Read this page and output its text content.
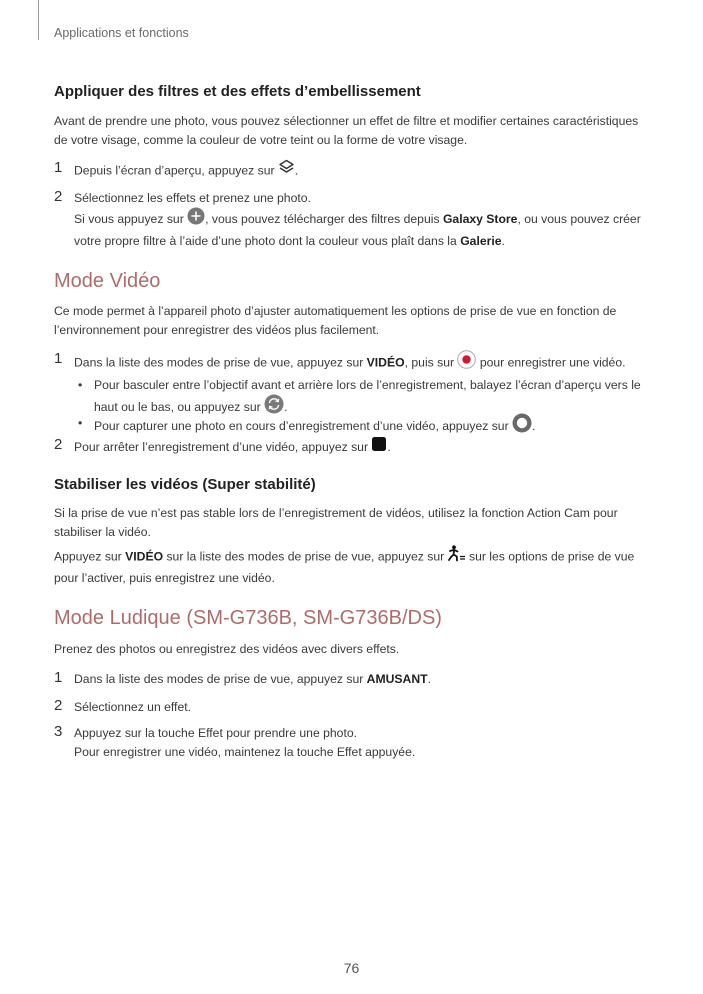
Applications et fonctions
Appliquer des filtres et des effets d’embellissement
Avant de prendre une photo, vous pouvez sélectionner un effet de filtre et modifier certaines caractéristiques de votre visage, comme la couleur de votre teint ou la forme de votre visage.
1 Depuis l’écran d’aperçu, appuyez sur .
2 Sélectionnez les effets et prenez une photo.
Si vous appuyez sur , vous pouvez télécharger des filtres depuis Galaxy Store, ou vous pouvez créer votre propre filtre à l’aide d’une photo dont la couleur vous plaît dans la Galerie.
Mode Vidéo
Ce mode permet à l’appareil photo d’ajuster automatiquement les options de prise de vue en fonction de l’environnement pour enregistrer des vidéos plus facilement.
1 Dans la liste des modes de prise de vue, appuyez sur VIDÉO, puis sur  pour enregistrer une vidéo.
• Pour basculer entre l’objectif avant et arrière lors de l’enregistrement, balayez l’écran d’aperçu vers le haut ou le bas, ou appuyez sur .
• Pour capturer une photo en cours d’enregistrement d’une vidéo, appuyez sur .
2 Pour arrêter l’enregistrement d’une vidéo, appuyez sur .
Stabiliser les vidéos (Super stabilité)
Si la prise de vue n’est pas stable lors de l’enregistrement de vidéos, utilisez la fonction Action Cam pour stabiliser la vidéo.
Appuyez sur VIDÉO sur la liste des modes de prise de vue, appuyez sur  sur les options de prise de vue pour l’activer, puis enregistrez une vidéo.
Mode Ludique (SM-G736B, SM-G736B/DS)
Prenez des photos ou enregistrez des vidéos avec divers effets.
1 Dans la liste des modes de prise de vue, appuyez sur AMUSANT.
2 Sélectionnez un effet.
3 Appuyez sur la touche Effet pour prendre une photo.
Pour enregistrer une vidéo, maintenez la touche Effet appuyée.
76
